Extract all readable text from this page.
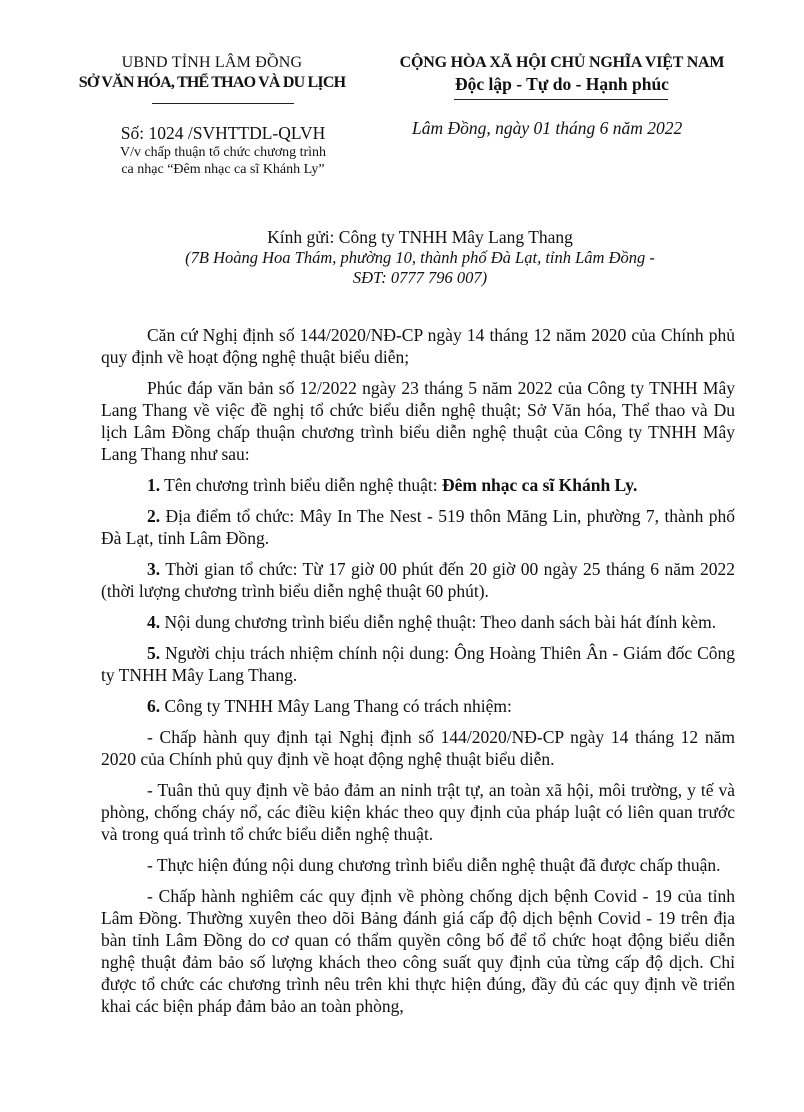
UBND TỈNH LÂM ĐỒNG
SỞ VĂN HÓA, THỂ THAO VÀ DU LỊCH
CỘNG HÒA XÃ HỘI CHỦ NGHĨA VIỆT NAM
Độc lập - Tự do - Hạnh phúc
Số: 1024 /SVHTTDL-QLVH
V/v chấp thuận tổ chức chương trình
ca nhạc “Đêm nhạc ca sĩ Khánh Ly”
Lâm Đồng, ngày 01 tháng 6 năm 2022
Kính gửi: Công ty TNHH Mây Lang Thang
(7B Hoàng Hoa Thám, phường 10, thành phố Đà Lạt, tỉnh Lâm Đồng -
SĐT: 0777 796 007)

Căn cứ Nghị định số 144/2020/NĐ-CP ngày 14 tháng 12 năm 2020 của Chính phủ quy định về hoạt động nghệ thuật biểu diễn;

Phúc đáp văn bản số 12/2022 ngày 23 tháng 5 năm 2022 của Công ty TNHH Mây Lang Thang về việc đề nghị tổ chức biểu diễn nghệ thuật; Sở Văn hóa, Thể thao và Du lịch Lâm Đồng chấp thuận chương trình biểu diễn nghệ thuật của Công ty TNHH Mây Lang Thang như sau:

1. Tên chương trình biểu diễn nghệ thuật: Đêm nhạc ca sĩ Khánh Ly.

2. Địa điểm tổ chức: Mây In The Nest - 519 thôn Măng Lin, phường 7, thành phố Đà Lạt, tỉnh Lâm Đồng.

3. Thời gian tổ chức: Từ 17 giờ 00 phút đến 20 giờ 00 ngày 25 tháng 6 năm 2022 (thời lượng chương trình biểu diễn nghệ thuật 60 phút).

4. Nội dung chương trình biểu diễn nghệ thuật: Theo danh sách bài hát đính kèm.

5. Người chịu trách nhiệm chính nội dung: Ông Hoàng Thiên Ân - Giám đốc Công ty TNHH Mây Lang Thang.

6. Công ty TNHH Mây Lang Thang có trách nhiệm:

- Chấp hành quy định tại Nghị định số 144/2020/NĐ-CP ngày 14 tháng 12 năm 2020 của Chính phủ quy định về hoạt động nghệ thuật biểu diễn.

- Tuân thủ quy định về bảo đảm an ninh trật tự, an toàn xã hội, môi trường, y tế và phòng, chống cháy nổ, các điều kiện khác theo quy định của pháp luật có liên quan trước và trong quá trình tổ chức biểu diễn nghệ thuật.

- Thực hiện đúng nội dung chương trình biểu diễn nghệ thuật đã được chấp thuận.

- Chấp hành nghiêm các quy định về phòng chống dịch bệnh Covid - 19 của tỉnh Lâm Đồng. Thường xuyên theo dõi Bảng đánh giá cấp độ dịch bệnh Covid - 19 trên địa bàn tỉnh Lâm Đồng do cơ quan có thẩm quyền công bố để tổ chức hoạt động biểu diễn nghệ thuật đảm bảo số lượng khách theo công suất quy định của từng cấp độ dịch. Chỉ được tổ chức các chương trình nêu trên khi thực hiện đúng, đầy đủ các quy định về triển khai các biện pháp đảm bảo an toàn phòng,
